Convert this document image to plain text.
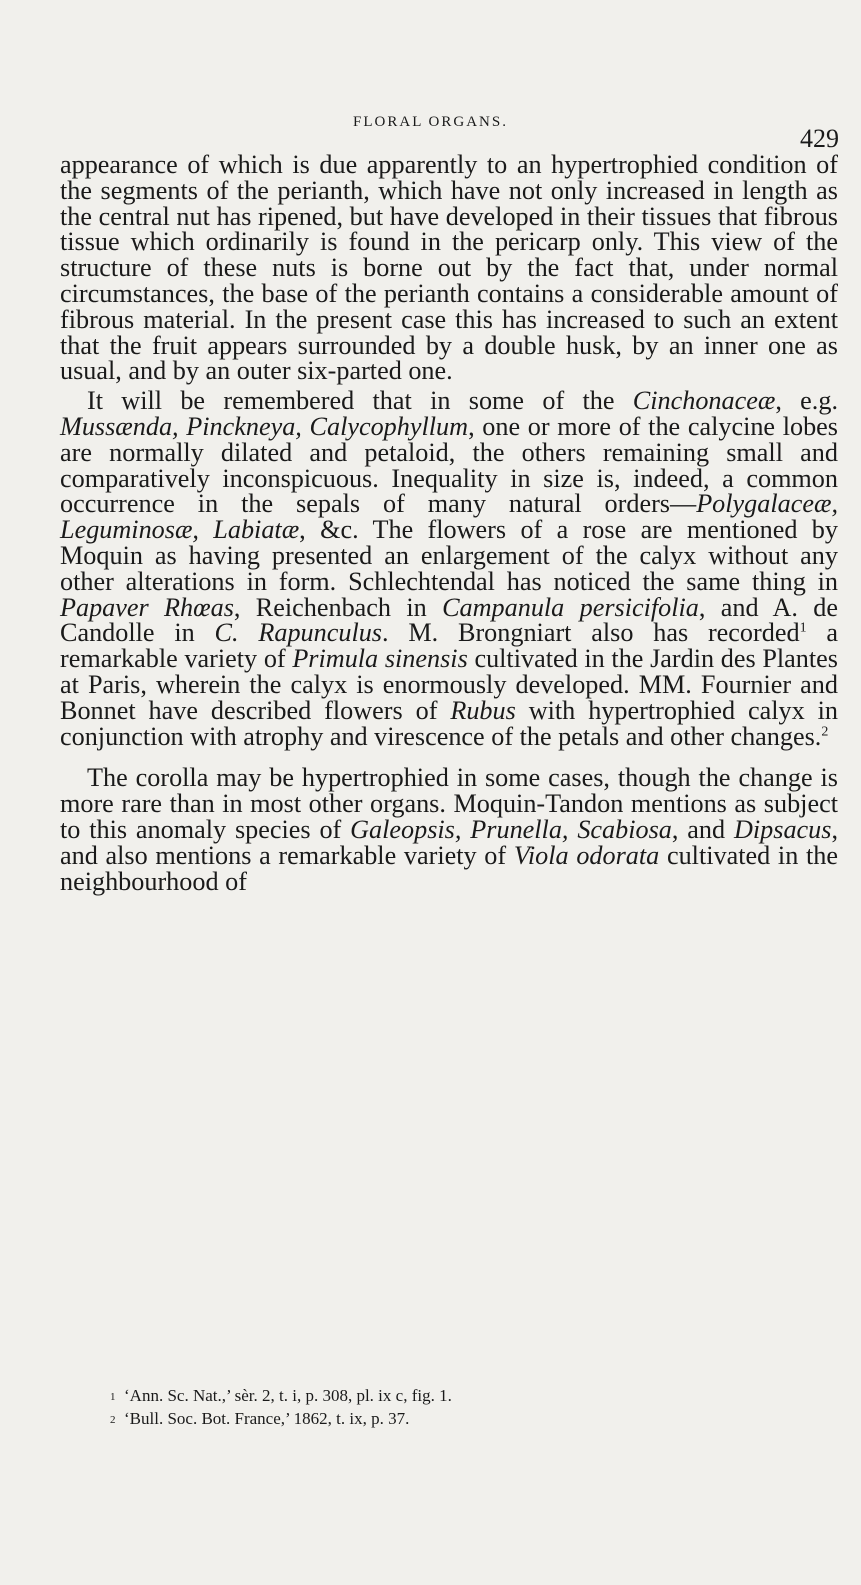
FLORAL ORGANS.
429

appearance of which is due apparently to an hypertrophied condition of the segments of the perianth, which have not only increased in length as the central nut has ripened, but have developed in their tissues that fibrous tissue which ordinarily is found in the pericarp only. This view of the structure of these nuts is borne out by the fact that, under normal circumstances, the base of the perianth contains a considerable amount of fibrous material. In the present case this has increased to such an extent that the fruit appears surrounded by a double husk, by an inner one as usual, and by an outer six-parted one.

It will be remembered that in some of the Cinchonaceæ, e.g. Mussænda, Pinckneya, Calycophyllum, one or more of the calycine lobes are normally dilated and petaloid, the others remaining small and comparatively inconspicuous. Inequality in size is, indeed, a common occurrence in the sepals of many natural orders—Polygalaceæ, Leguminosæ, Labiatæ, &c. The flowers of a rose are mentioned by Moquin as having presented an enlargement of the calyx without any other alterations in form. Schlechtendal has noticed the same thing in Papaver Rhœas, Reichenbach in Campanula persicifolia, and A. de Candolle in C. Rapunculus. M. Brongniart also has recorded$^1$ a remarkable variety of Primula sinensis cultivated in the Jardin des Plantes at Paris, wherein the calyx is enormously developed. MM. Fournier and Bonnet have described flowers of Rubus with hypertrophied calyx in conjunction with atrophy and virescence of the petals and other changes.$^2$

The corolla may be hypertrophied in some cases, though the change is more rare than in most other organs. Moquin-Tandon mentions as subject to this anomaly species of Galeopsis, Prunella, Scabiosa, and Dipsacus, and also mentions a remarkable variety of Viola odorata cultivated in the neighbourhood of

1 ‘Ann. Sc. Nat.,’ sèr. 2, t. i, p. 308, pl. ix c, fig. 1.
2 ‘Bull. Soc. Bot. France,’ 1862, t. ix, p. 37.
